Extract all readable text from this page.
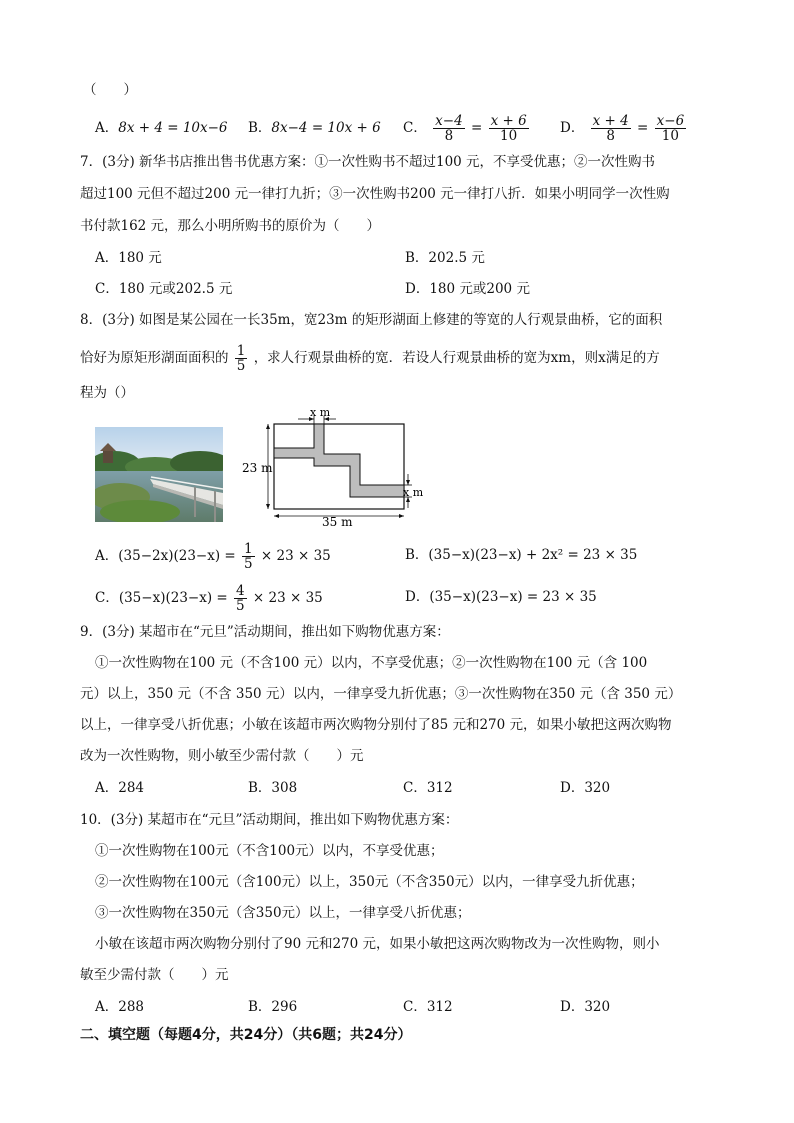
（　　）
A．8x + 4 = 10x−6 B．8x−4 = 10x + 6 C． $\frac{x-4}{8} = \frac{x + 6}{10}$ D． $\frac{x + 4}{8} = \frac{x-6}{10}$
7．(3分) 新华书店推出售书优惠方案：①一次性购书不超过100 元，不享受优惠；②一次性购书
超过100 元但不超过200 元一律打九折；③一次性购书200 元一律打八折．如果小明同学一次性购
书付款162 元，那么小明所购书的原价为（　　）
A．180 元	B．202.5 元
C．180 元或202.5 元	D．180 元或200 元
8．(3分) 如图是某公园在一长35m，宽23m 的矩形湖面上修建的等宽的人行观景曲桥，它的面积
恰好为原矩形湖面面积的 $\frac{1}{5}$ ，求人行观景曲桥的宽．若设人行观景曲桥的宽为xm，则x满足的方
程为（）
x m
23 m
x m
35 m
A．$(35-2x)(23-x) = \frac{1}{5} \times 23 \times 35$	B．(35−x)(23−x) + 2x² = 23 × 35
C．$(35-x)(23-x) = \frac{4}{5} \times 23 \times 35$	D．(35−x)(23−x) = 23 × 35
9．(3分) 某超市在“元旦”活动期间，推出如下购物优惠方案：
①一次性购物在100 元（不含100 元）以内，不享受优惠；②一次性购物在100 元（含 100
元）以上，350 元（不含 350 元）以内，一律享受九折优惠；③一次性购物在350 元（含 350 元）
以上，一律享受八折优惠；小敏在该超市两次购物分别付了85 元和270 元，如果小敏把这两次购物
改为一次性购物，则小敏至少需付款（　　）元
A．284	B．308	C．312	D．320
10．(3分) 某超市在“元旦”活动期间，推出如下购物优惠方案：
①一次性购物在100元（不含100元）以内，不享受优惠；
②一次性购物在100元（含100元）以上，350元（不含350元）以内，一律享受九折优惠；
③一次性购物在350元（含350元）以上，一律享受八折优惠；
小敏在该超市两次购物分别付了90 元和270 元，如果小敏把这两次购物改为一次性购物，则小
敏至少需付款（　　）元
A．288	B．296	C．312	D．320
二、填空题（每题4分，共24分）（共6题；共24分）
